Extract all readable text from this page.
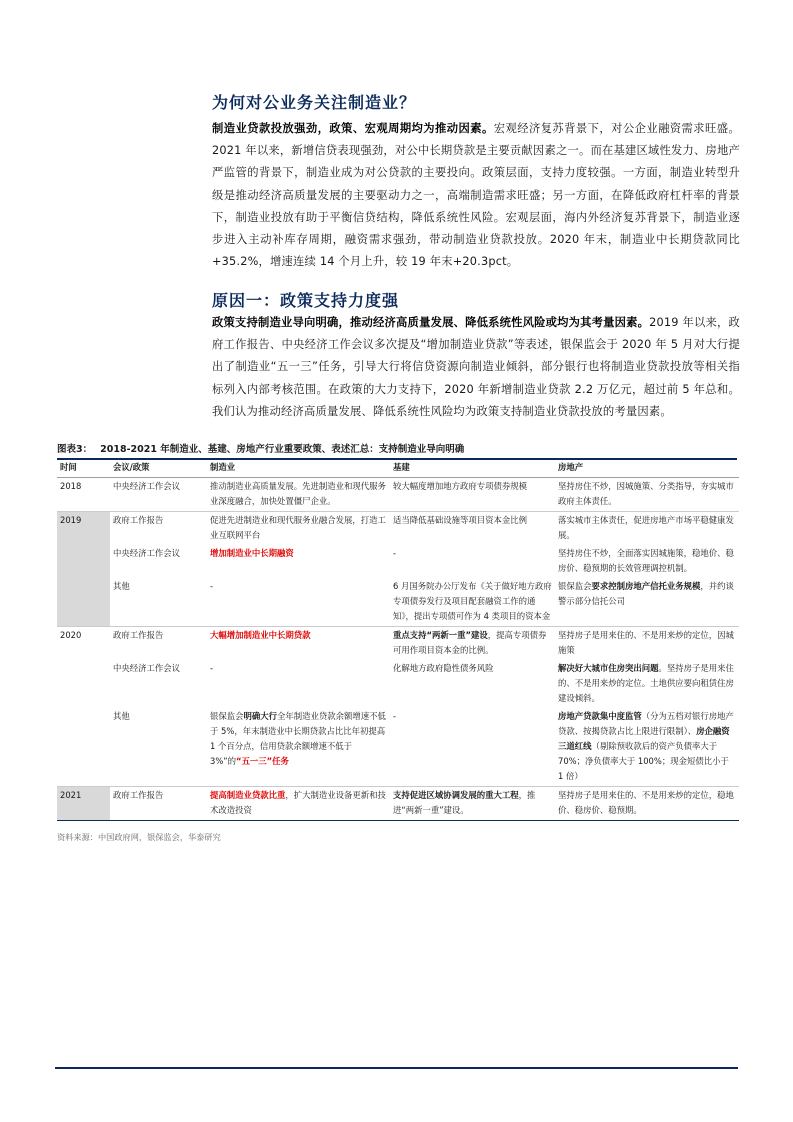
为何对公业务关注制造业？
制造业贷款投放强劲，政策、宏观周期均为推动因素。宏观经济复苏背景下，对公企业融资需求旺盛。2021 年以来，新增信贷表现强劲，对公中长期贷款是主要贡献因素之一。而在基建区域性发力、房地产严监管的背景下，制造业成为对公贷款的主要投向。政策层面，支持力度较强。一方面，制造业转型升级是推动经济高质量发展的主要驱动力之一，高端制造需求旺盛；另一方面，在降低政府杠杆率的背景下，制造业投放有助于平衡信贷结构，降低系统性风险。宏观层面，海内外经济复苏背景下，制造业逐步进入主动补库存周期，融资需求强劲，带动制造业贷款投放。2020 年末，制造业中长期贷款同比+35.2%，增速连续 14 个月上升，较 19 年末+20.3pct。
原因一：政策支持力度强
政策支持制造业导向明确，推动经济高质量发展、降低系统性风险或均为其考量因素。2019 年以来，政府工作报告、中央经济工作会议多次提及“增加制造业贷款”等表述，银保监会于 2020 年 5 月对大行提出了制造业“五一三”任务，引导大行将信贷资源向制造业倾斜，部分银行也将制造业贷款投放等相关指标列入内部考核范围。在政策的大力支持下，2020 年新增制造业贷款 2.2 万亿元，超过前 5 年总和。我们认为推动经济高质量发展、降低系统性风险均为政策支持制造业贷款投放的考量因素。
图表3： 2018-2021 年制造业、基建、房地产行业重要政策、表述汇总：支持制造业导向明确
时间	会议/政策	制造业	基建	房地产
2018	中央经济工作会议	推动制造业高质量发展。先进制造业和现代服务业深度融合，加快处置僵尸企业。	较大幅度增加地方政府专项债券规模	坚持房住不炒，因城施策、分类指导，夯实城市政府主体责任。
2019	政府工作报告	促进先进制造业和现代服务业融合发展，打造工业互联网平台	适当降低基础设施等项目资本金比例	落实城市主体责任，促进房地产市场平稳健康发展。
	中央经济工作会议	增加制造业中长期融资	-	坚持房住不炒，全面落实因城施策，稳地价、稳房价、稳预期的长效管理调控机制。
	其他	-	6 月国务院办公厅发布《关于做好地方政府专项债券发行及项目配套融资工作的通知》，提出专项债可作为 4 类项目的资本金	银保监会要求控制房地产信托业务规模，并约谈警示部分信托公司
2020	政府工作报告	大幅增加制造业中长期贷款	重点支持“两新一重”建设，提高专项债券可用作项目资本金的比例。	坚持房子是用来住的、不是用来炒的定位，因城施策
	中央经济工作会议	-	化解地方政府隐性债务风险	解决好大城市住房突出问题。坚持房子是用来住的、不是用来炒的定位。土地供应要向租赁住房建设倾斜。
	其他	银保监会明确大行全年制造业贷款余额增速不低于 5%，年末制造业中长期贷款占比比年初提高 1 个百分点，信用贷款余额增速不低于 3%”的“五一三”任务	-	房地产贷款集中度监管（分为五档对银行房地产贷款、按揭贷款占比上限进行限制）、房企融资三道红线（剔除预收款后的资产负债率大于 70%；净负债率大于 100%；现金短债比小于 1 倍）
2021	政府工作报告	提高制造业贷款比重，扩大制造业设备更新和技术改造投资	支持促进区域协调发展的重大工程，推进“两新一重”建设。	坚持房子是用来住的、不是用来炒的定位，稳地价、稳房价、稳预期。
资料来源：中国政府网，银保监会，华泰研究
